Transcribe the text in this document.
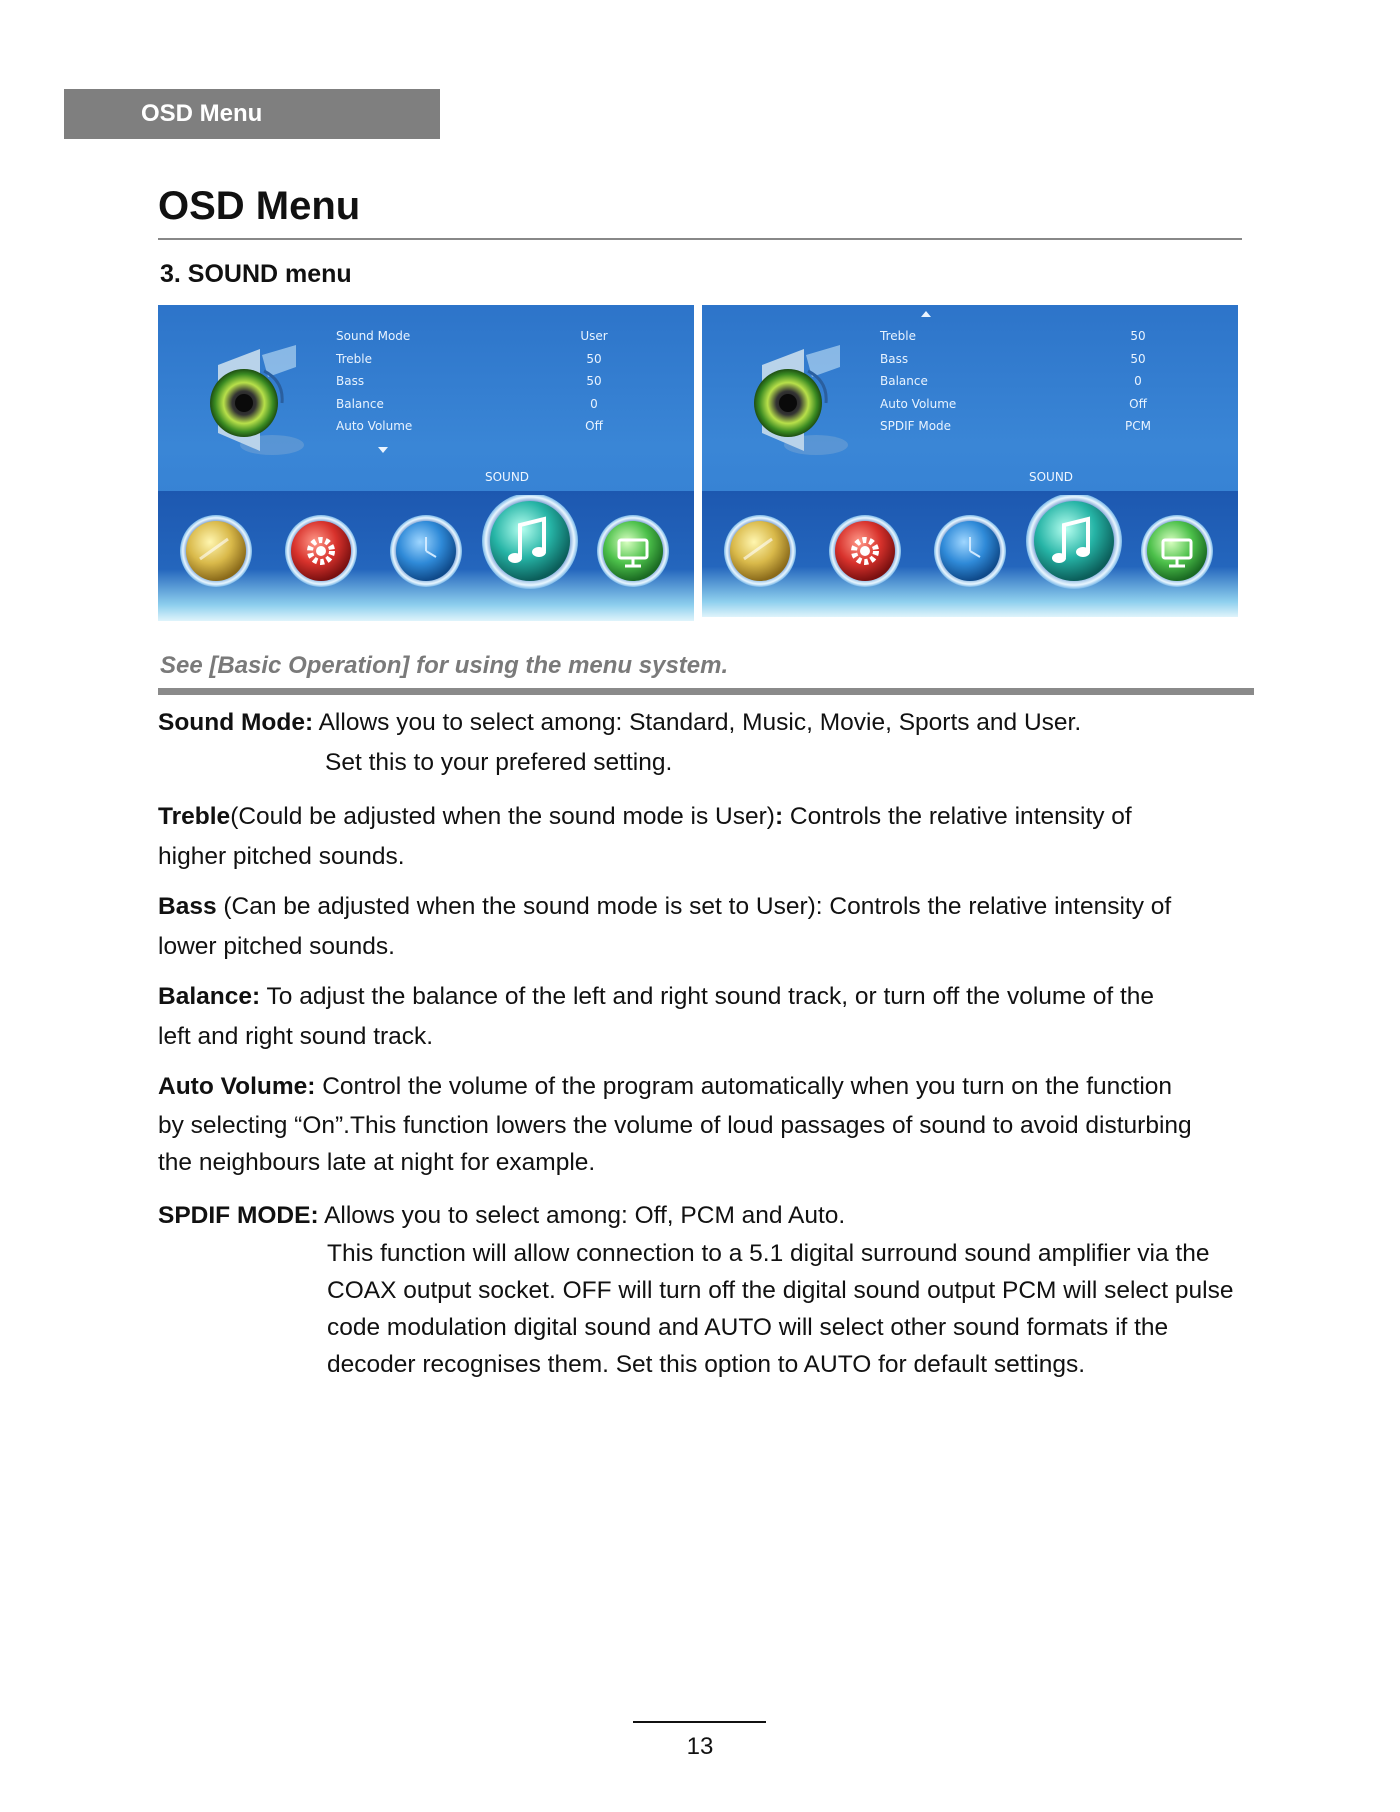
OSD Menu
OSD Menu
3. SOUND menu
Sound Mode	User
Treble	50
Bass	50
Balance	0
Auto Volume	Off
SOUND
Treble	50
Bass	50
Balance	0
Auto Volume	Off
SPDIF Mode	PCM
SOUND
See [Basic Operation] for using the menu system.
Sound Mode: Allows you to select among: Standard, Music, Movie, Sports and User.
Set this to your prefered setting.
Treble(Could be adjusted when the sound mode is User): Controls the relative intensity of
higher pitched sounds.
Bass (Can be adjusted when the sound mode is set to User): Controls the relative intensity of
lower pitched sounds.
Balance: To adjust the balance of the left and right sound track, or turn off the volume of the
left and right sound track.
Auto Volume: Control the volume of the program automatically when you turn on the function
by selecting “On”.This function lowers the volume of loud passages of sound to avoid disturbing
the neighbours late at night for example.
SPDIF MODE: Allows you to select among: Off, PCM and Auto.
This function will allow connection to a 5.1 digital surround sound amplifier via the
COAX output socket. OFF will turn off the digital sound output PCM will select pulse
code modulation digital sound and AUTO will select other sound formats if the
decoder recognises them. Set this option to AUTO for default settings.
13
